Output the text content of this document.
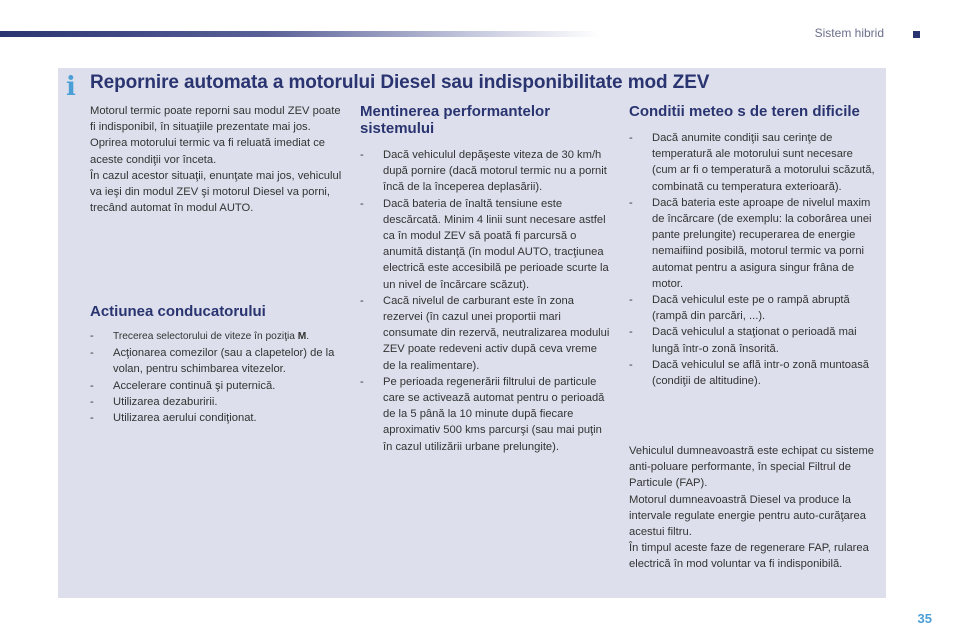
Sistem hibrid
i Repornire automata a motorului Diesel sau indisponibilitate mod ZEV

Motorul termic poate reporni sau modul ZEV poate fi indisponibil, în situaţiile prezentate mai jos.

Oprirea motorului termic va fi reluată imediat ce aceste condiţii vor înceta.

În cazul acestor situaţii, enunţate mai jos, vehiculul va ieşi din modul ZEV şi motorul Diesel va porni, trecând automat în modul AUTO.

Actiunea conducatorului
- Trecerea selectorului de viteze în poziţia M.
- Acţionarea comezilor (sau a clapetelor) de la volan, pentru schimbarea vitezelor.
- Accelerare continuă şi puternică.
- Utilizarea dezaburirii.
- Utilizarea aerului condiţionat.
Mentinerea performantelor sistemului
- Dacă vehiculul depăşeste viteza de 30 km/h după pornire (dacă motorul termic nu a pornit încă de la începerea deplasării).
- Dacă bateria de înaltă tensiune este descărcată. Minim 4 linii sunt necesare astfel ca în modul ZEV să poată fi parcursă o anumită distanţă (în modul AUTO, tracţiunea electrică este accesibilă pe perioade scurte la un nivel de încărcare scăzut).
- Cacă nivelul de carburant este în zona rezervei (în cazul unei proportii mari consumate din rezervă, neutralizarea modului ZEV poate redeveni activ după ceva vreme de la realimentare).
- Pe perioada regenerării filtrului de particule care se activează automat pentru o perioadă de la 5 până la 10 minute după fiecare aproximativ 500 kms parcurşi (sau mai puţin în cazul utilizării urbane prelungite).
Conditii meteo s de teren dificile
- Dacă anumite condiţii sau cerinţe de temperatură ale motorului sunt necesare (cum ar fi o temperatură a motorului scăzută, combinată cu temperatura exterioară).
- Dacă bateria este aproape de nivelul maxim de încărcare (de exemplu: la coborârea unei pante prelungite) recuperarea de energie nemaifiind posibilă, motorul termic va porni automat pentru a asigura singur frâna de motor.
- Dacă vehiculul este pe o rampă abruptă (rampă din parcări, ...).
- Dacă vehiculul a staţionat o perioadă mai lungă într-o zonă însorită.
- Dacă vehiculul se află intr-o zonă muntoasă (condiţii de altitudine).

Vehiculul dumneavoastră este echipat cu sisteme anti-poluare performante, în special Filtrul de Particule (FAP).

Motorul dumneavoastră Diesel va produce la intervale regulate energie pentru auto-curăţarea acestui filtru.

În timpul aceste faze de regenerare FAP, rularea electrică în mod voluntar va fi indisponibilă.

35
